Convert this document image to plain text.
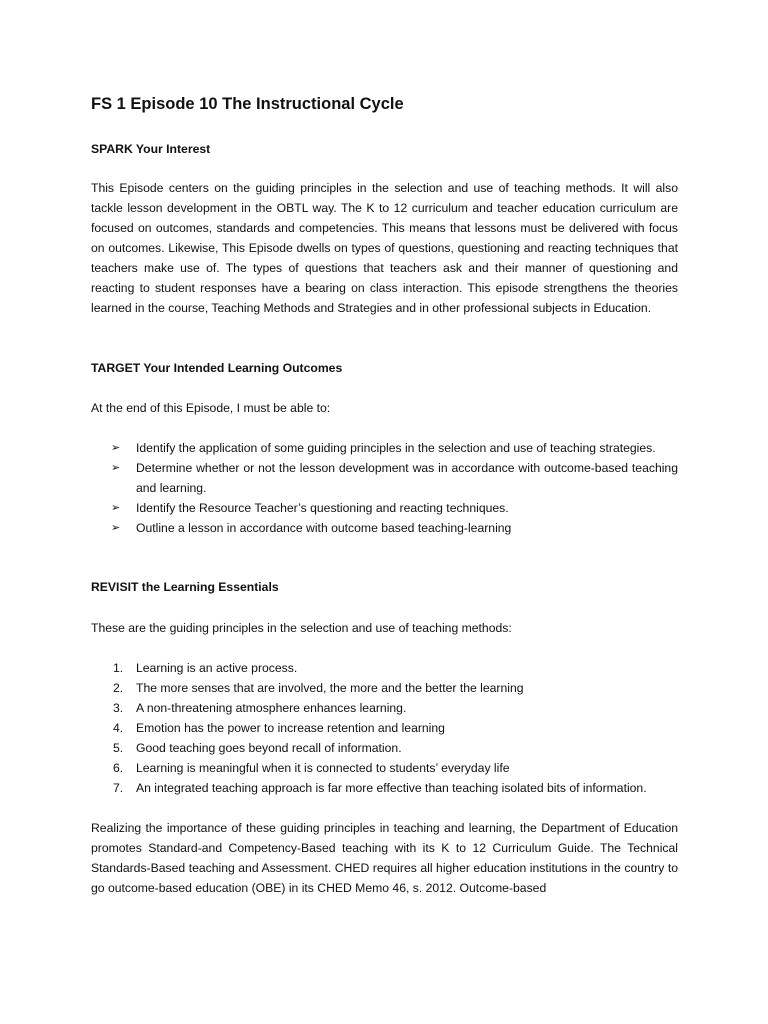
FS 1 Episode 10 The Instructional Cycle
SPARK Your Interest
This Episode centers on the guiding principles in the selection and use of teaching methods. It will also tackle lesson development in the OBTL way. The K to 12 curriculum and teacher education curriculum are focused on outcomes, standards and competencies. This means that lessons must be delivered with focus on outcomes. Likewise, This Episode dwells on types of questions, questioning and reacting techniques that teachers make use of. The types of questions that teachers ask and their manner of questioning and reacting to student responses have a bearing on class interaction. This episode strengthens the theories learned in the course, Teaching Methods and Strategies and in other professional subjects in Education.
TARGET Your Intended Learning Outcomes
At the end of this Episode, I must be able to:
➢ Identify the application of some guiding principles in the selection and use of teaching strategies.
➢ Determine whether or not the lesson development was in accordance with outcome-based teaching and learning.
➢ Identify the Resource Teacher’s questioning and reacting techniques.
➢ Outline a lesson in accordance with outcome based teaching-learning
REVISIT the Learning Essentials
These are the guiding principles in the selection and use of teaching methods:
1. Learning is an active process.
2. The more senses that are involved, the more and the better the learning
3. A non-threatening atmosphere enhances learning.
4. Emotion has the power to increase retention and learning
5. Good teaching goes beyond recall of information.
6. Learning is meaningful when it is connected to students’ everyday life
7. An integrated teaching approach is far more effective than teaching isolated bits of information.
Realizing the importance of these guiding principles in teaching and learning, the Department of Education promotes Standard-and Competency-Based teaching with its K to 12 Curriculum Guide. The Technical Standards-Based teaching and Assessment. CHED requires all higher education institutions in the country to go outcome-based education (OBE) in its CHED Memo 46, s. 2012. Outcome-based
